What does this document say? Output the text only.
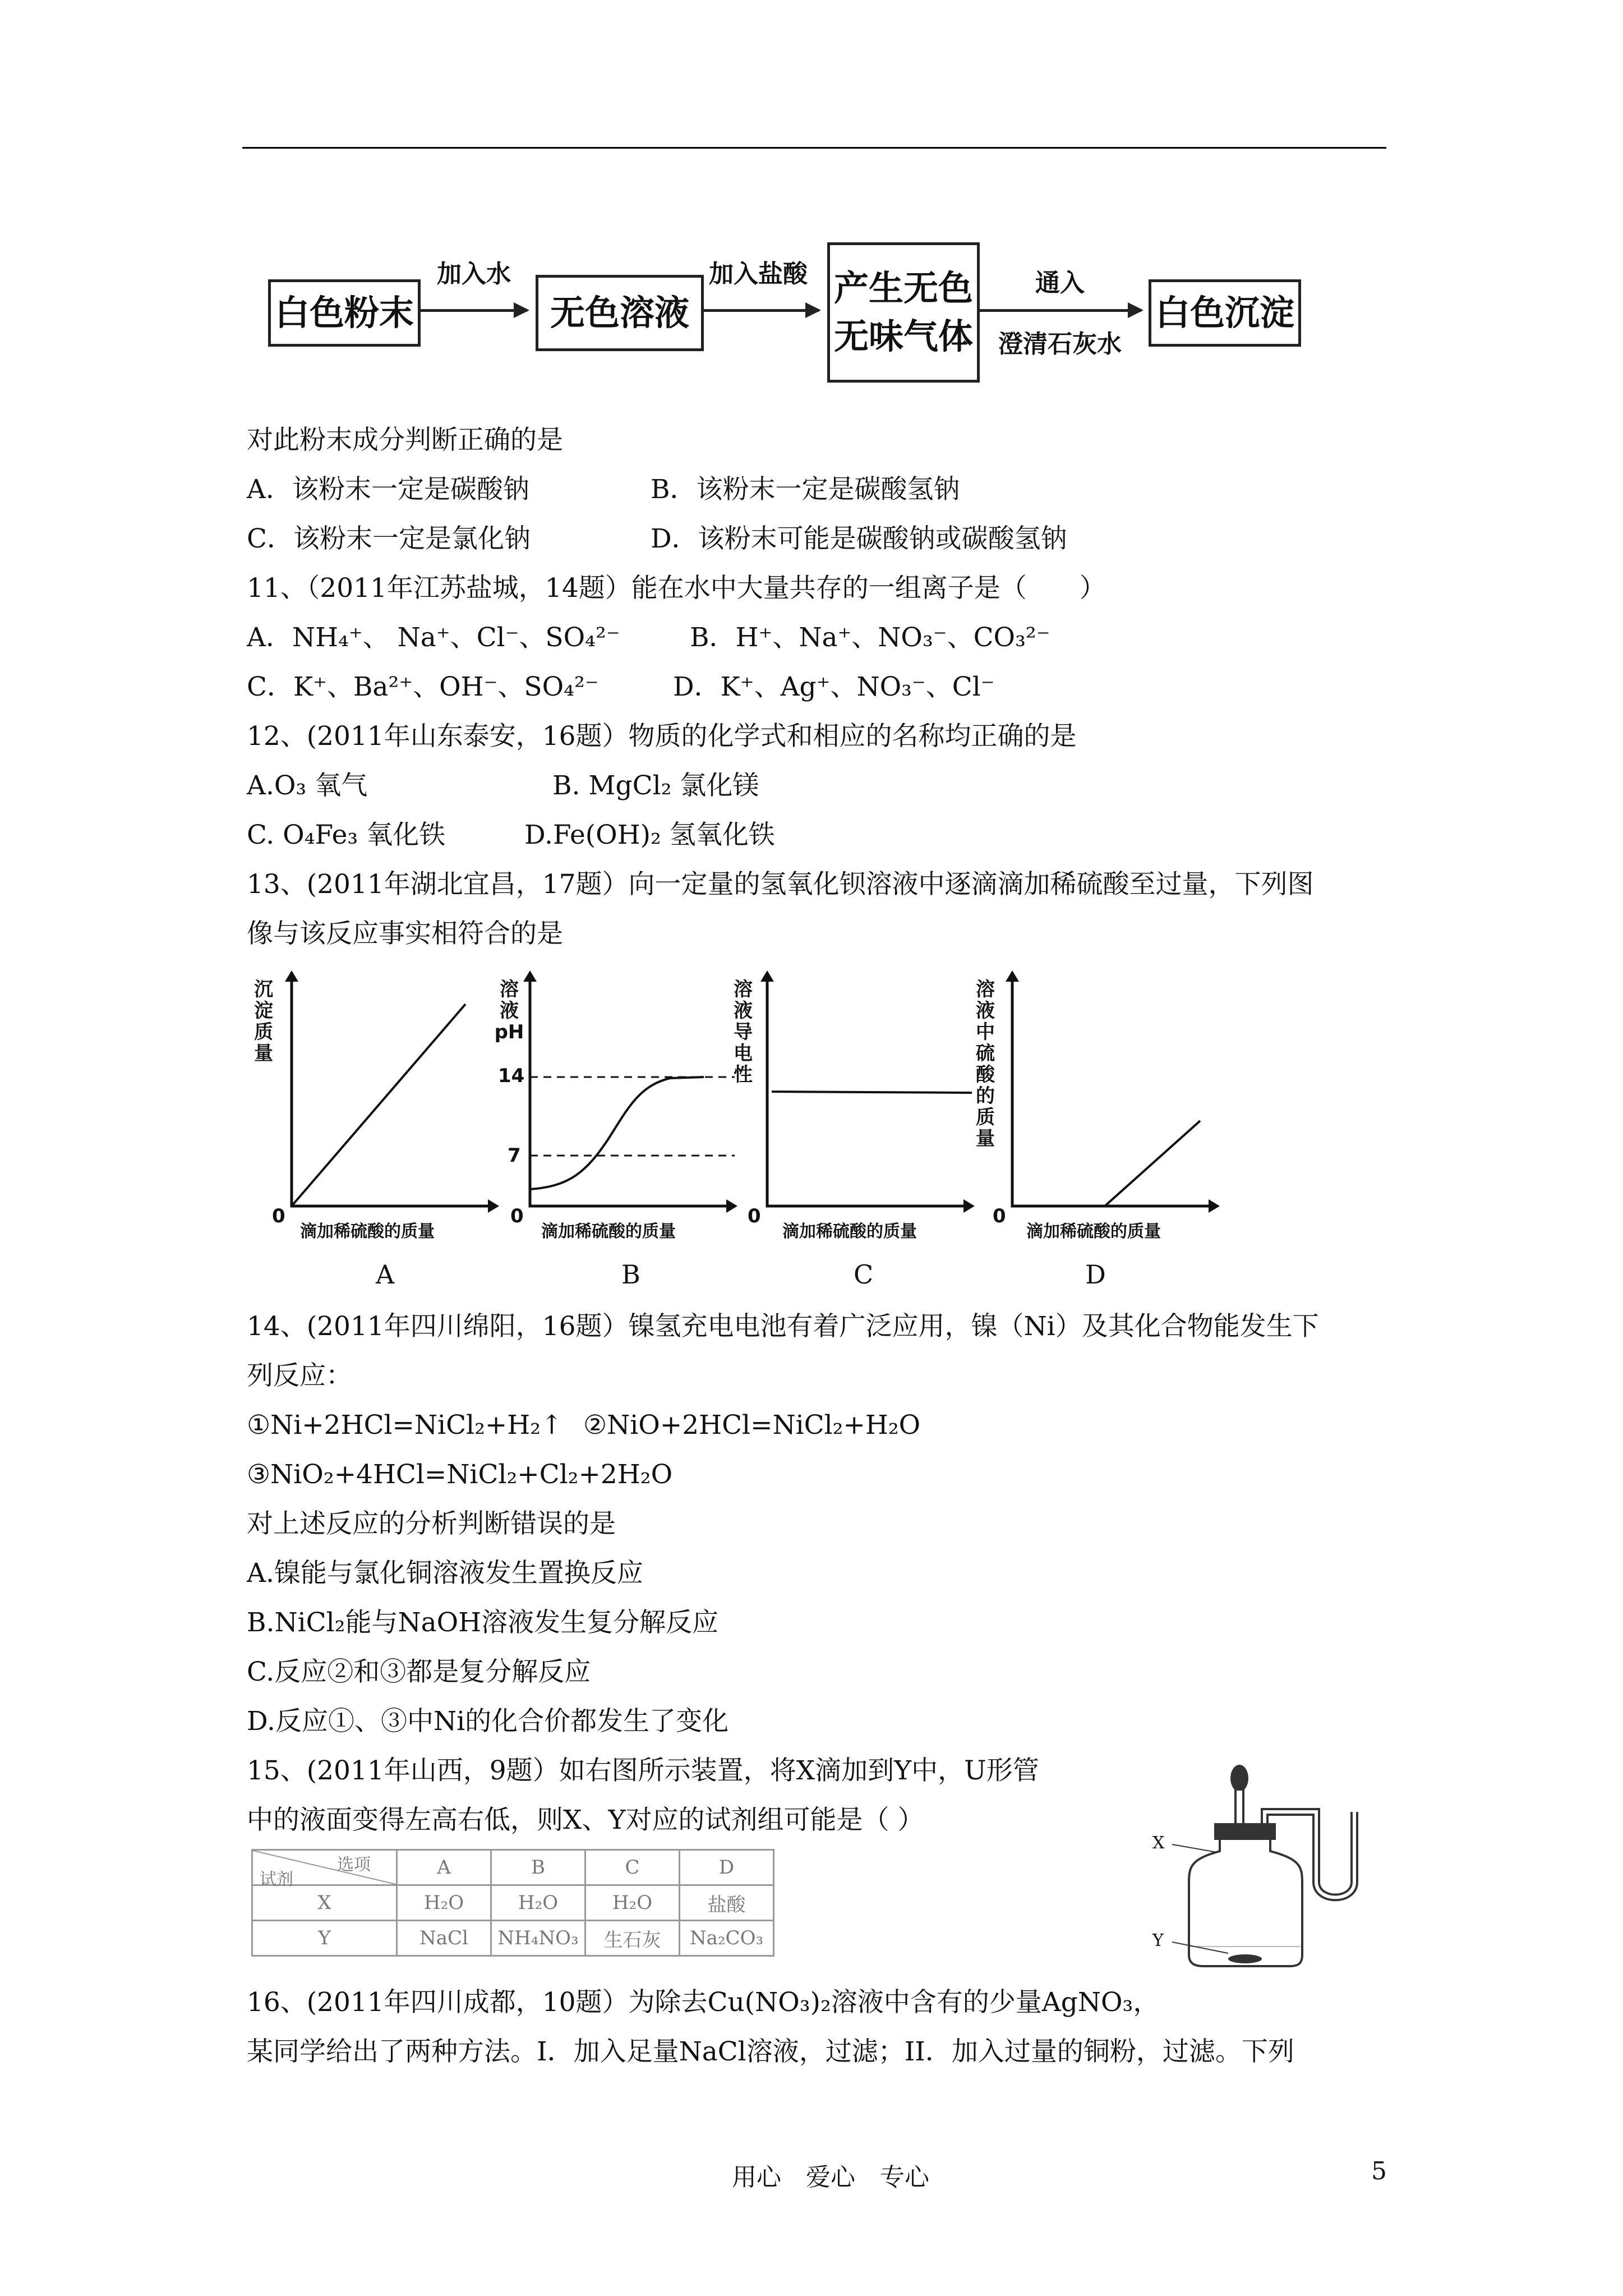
白色粉末
加入水
无色溶液
加入盐酸 产生无色
无味气体
通入
澄清石灰水
白色沉淀
对此粉末成分判断正确的是
A．该粉末一定是碳酸钠	B．该粉末一定是碳酸氢钠
C．该粉末一定是氯化钠	D．该粉末可能是碳酸钠或碳酸氢钠
11、（2011年江苏盐城，14题）能在水中大量共存的一组离子是（　　）
A．NH₄⁺、 Na⁺、Cl⁻、SO₄²⁻	B．H⁺、Na⁺、NO₃⁻、CO₃²⁻
C．K⁺、Ba²⁺、OH⁻、SO₄²⁻	D．K⁺、Ag⁺、NO₃⁻、Cl⁻
12、(2011年山东泰安，16题）物质的化学式和相应的名称均正确的是
A.O₃ 氧气	B. MgCl₂ 氯化镁
C. O₄Fe₃ 氧化铁	D.Fe(OH)₂ 氢氧化铁
13、(2011年湖北宜昌，17题）向一定量的氢氧化钡溶液中逐滴滴加稀硫酸至过量，下列图
像与该反应事实相符合的是
沉淀质量
0
滴加稀硫酸的质量
A
溶液pH
14
7
0
滴加稀硫酸的质量
B
溶液导电性
0
滴加稀硫酸的质量
C
溶液中硫酸的质量
0
滴加稀硫酸的质量
D
14、(2011年四川绵阳，16题）镍氢充电电池有着广泛应用，镍（Ni）及其化合物能发生下
列反应：
①Ni+2HCl=NiCl₂+H₂↑ ②NiO+2HCl=NiCl₂+H₂O
③NiO₂+4HCl=NiCl₂+Cl₂+2H₂O
对上述反应的分析判断错误的是
A.镍能与氯化铜溶液发生置换反应
B.NiCl₂能与NaOH溶液发生复分解反应
C.反应②和③都是复分解反应
D.反应①、③中Ni的化合价都发生了变化
15、(2011年山西，9题）如右图所示装置，将X滴加到Y中，U形管
中的液面变得左高右低，则X、Y对应的试剂组可能是（ ）
选项
试剂	A	B	C	D
X	H₂O	H₂O	H₂O	盐酸
Y	NaCl	NH₄NO₃	生石灰	Na₂CO₃
X
Y
16、(2011年四川成都，10题）为除去Cu(NO₃)₂溶液中含有的少量AgNO₃，
某同学给出了两种方法。I．加入足量NaCl溶液，过滤；II．加入过量的铜粉，过滤。下列
用心　爱心　专心	5
